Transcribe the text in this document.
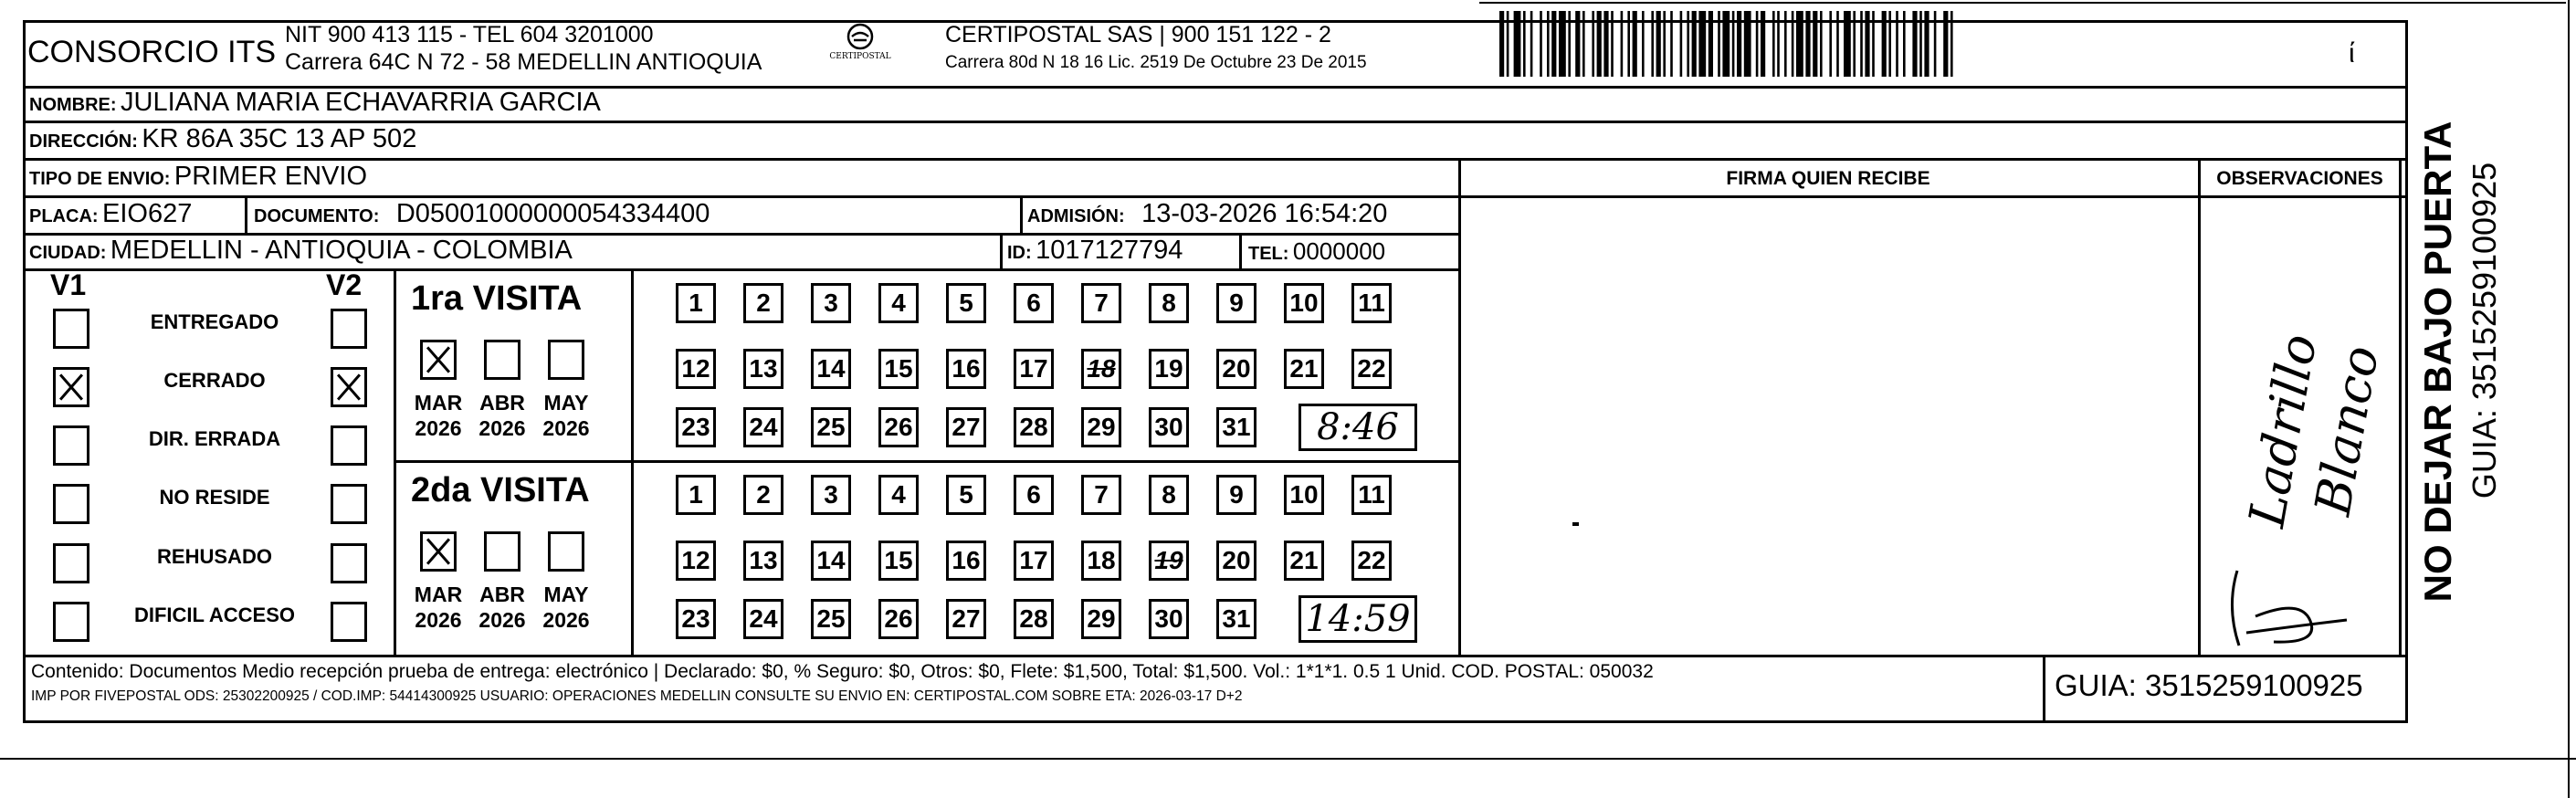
CONSORCIO ITS NIT 900 413 115 - TEL 604 3201000
Carrera 64C N 72 - 58 MEDELLIN ANTIOQUIA	CERTIPOSTAL
CERTIPOSTAL SAS | 900 151 122 - 2
Carrera 80d N 18 16 Lic. 2519 De Octubre 23 De 2015	ί
NOMBRE: JULIANA MARIA ECHAVARRIA GARCIA
DIRECCIÓN: KR 86A 35C 13 AP 502
TIPO DE ENVIO: PRIMER ENVIO	FIRMA QUIEN RECIBE	OBSERVACIONES
PLACA: EIO627	DOCUMENTO: D05001000000054334400	ADMISIÓN: 13-03-2026 16:54:20
CIUDAD: MEDELLIN - ANTIOQUIA - COLOMBIA	ID: 1017127794	TEL: 0000000
V1	V2
ENTREGADO
CERRADO
DIR. ERRADA
NO RESIDE
REHUSADO
DIFICIL ACCESO
1ra VISITA
MAR
2026
ABR
2026
MAY
2026
1	2	3	4	5	6	7	8	9	10 11
12 13 14 15 16 17 18 19 20 21 22
23 24 25 26 27 28 29 30 31	8:46
2da VISITA
MAR
2026
ABR
2026
MAY
2026
1	2	3	4	5	6	7	8	9	10 11
12 13 14 15 16 17 18 19 20 21 22
23 24 25 26 27 28 29 30 31 14:59
Ladrillo
Blanco NO DEJAR BAJO PUERTA GUIA: 3515259100925
Contenido: Documentos Medio recepción prueba de entrega: electrónico | Declarado: $0, % Seguro: $0, Otros: $0, Flete: $1,500, Total: $1,500. Vol.: 1*1*1. 0.5 1 Unid. COD. POSTAL: 050032
IMP POR FIVEPOSTAL ODS: 25302200925 / COD.IMP: 54414300925 USUARIO: OPERACIONES MEDELLIN CONSULTE SU ENVIO EN: CERTIPOSTAL.COM SOBRE ETA: 2026-03-17 D+2	GUIA: 3515259100925
